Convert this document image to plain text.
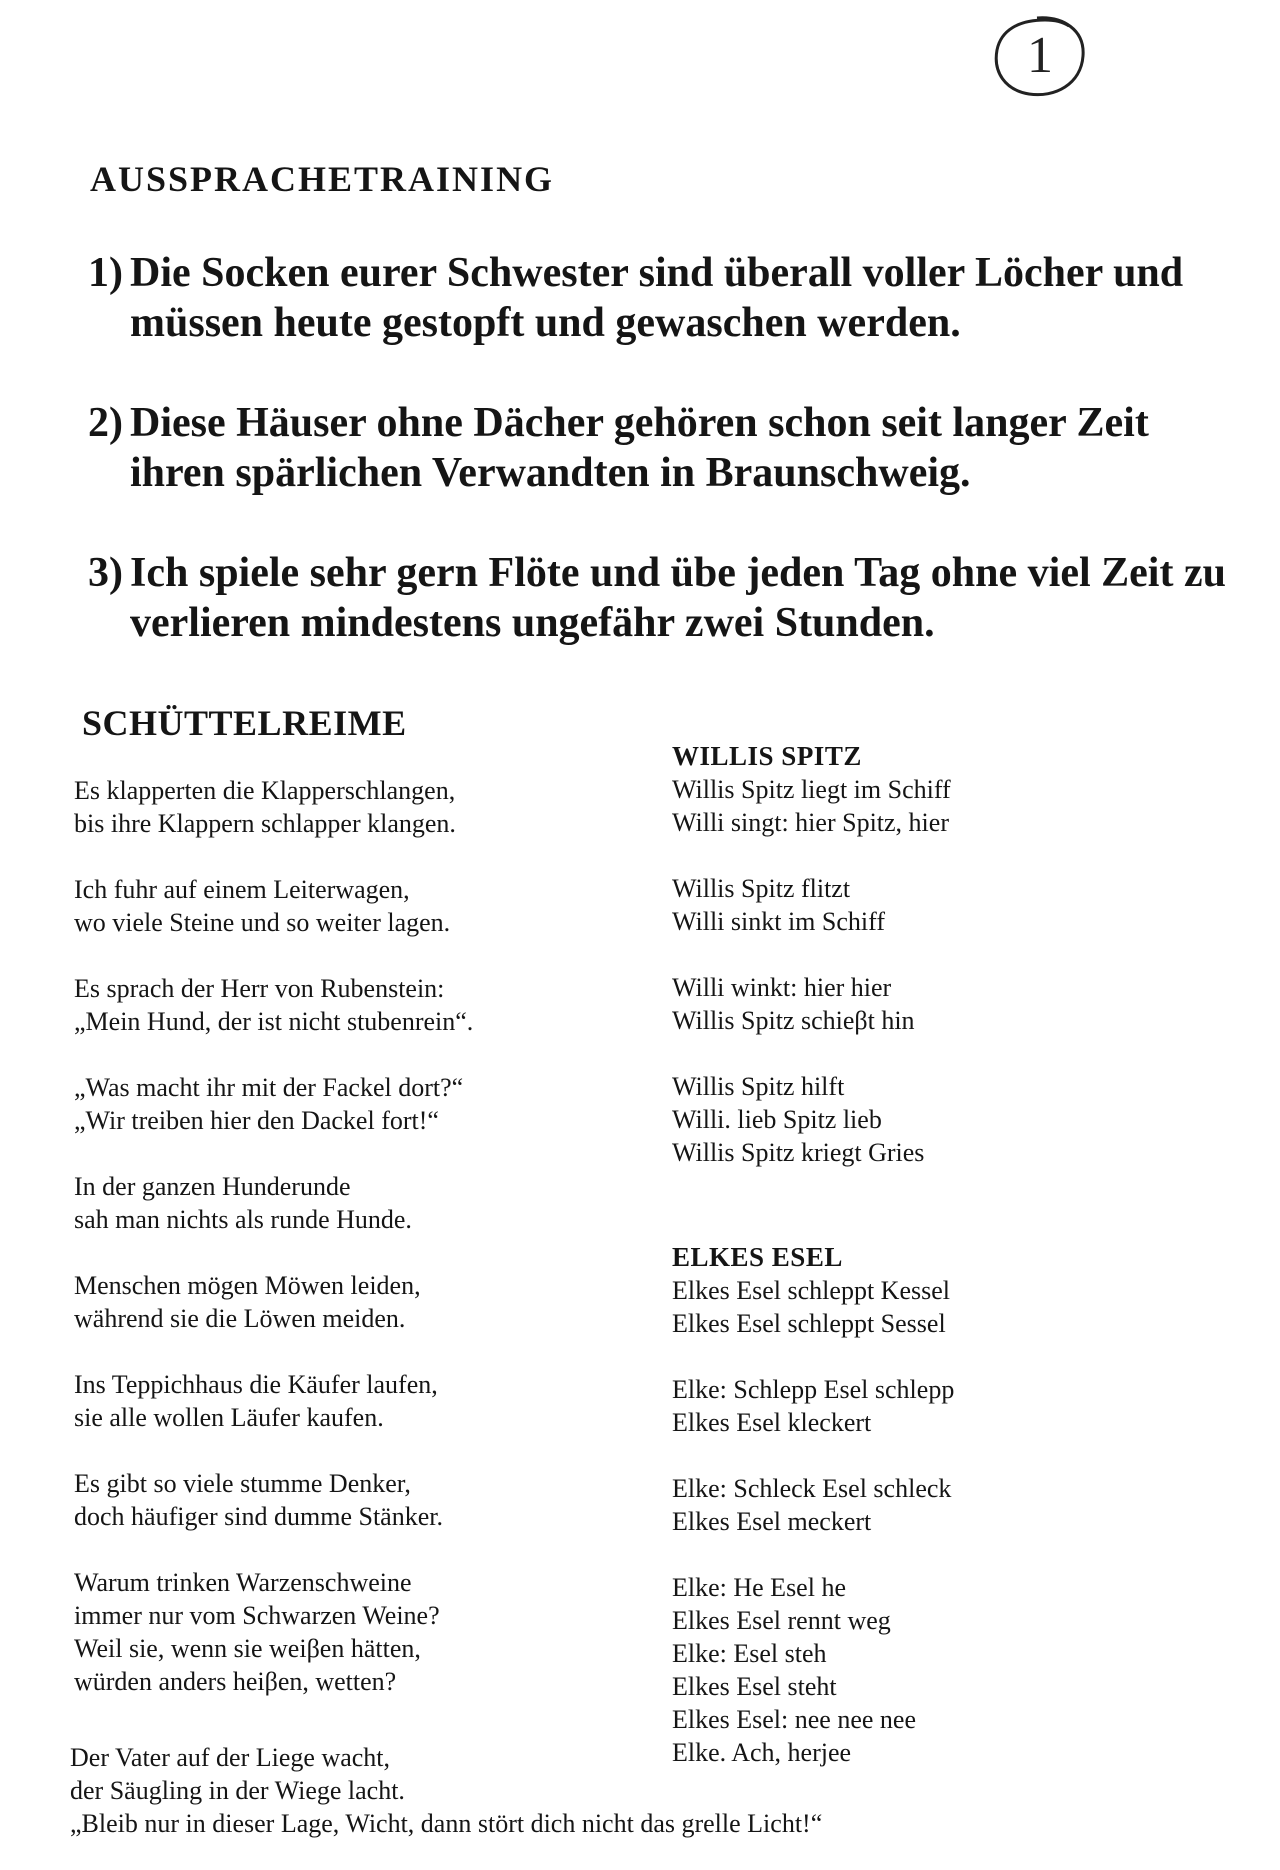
1
AUSSPRACHETRAINING
1) Die Socken eurer Schwester sind überall voller Löcher und müssen heute gestopft und gewaschen werden.
2) Diese Häuser ohne Dächer gehören schon seit langer Zeit ihren spärlichen Verwandten in Braunschweig.
3) Ich spiele sehr gern Flöte und übe jeden Tag ohne viel Zeit zu verlieren mindestens ungefähr zwei Stunden.
SCHÜTTELREIME
Es klapperten die Klapperschlangen,
bis ihre Klappern schlapper klangen.
Ich fuhr auf einem Leiterwagen,
wo viele Steine und so weiter lagen.
Es sprach der Herr von Rubenstein:
„Mein Hund, der ist nicht stubenrein“.
„Was macht ihr mit der Fackel dort?“
„Wir treiben hier den Dackel fort!“
In der ganzen Hunderunde
sah man nichts als runde Hunde.
Menschen mögen Möwen leiden,
während sie die Löwen meiden.
Ins Teppichhaus die Käufer laufen,
sie alle wollen Läufer kaufen.
Es gibt so viele stumme Denker,
doch häufiger sind dumme Stänker.
Warum trinken Warzenschweine
immer nur vom Schwarzen Weine?
Weil sie, wenn sie weiβen hätten,
würden anders heiβen, wetten?
Der Vater auf der Liege wacht,
der Säugling in der Wiege lacht.
„Bleib nur in dieser Lage, Wicht, dann stört dich nicht das grelle Licht!“
WILLIS SPITZ
Willis Spitz liegt im Schiff
Willi singt: hier Spitz, hier
Willis Spitz flitzt
Willi sinkt im Schiff
Willi winkt: hier hier
Willis Spitz schieβt hin
Willis Spitz hilft
Willi. lieb Spitz lieb
Willis Spitz kriegt Gries
ELKES ESEL
Elkes Esel schleppt Kessel
Elkes Esel schleppt Sessel
Elke: Schlepp Esel schlepp
Elkes Esel kleckert
Elke: Schleck Esel schleck
Elkes Esel meckert
Elke: He Esel he
Elkes Esel rennt weg
Elke: Esel steh
Elkes Esel steht
Elkes Esel: nee nee nee
Elke. Ach, herjee
